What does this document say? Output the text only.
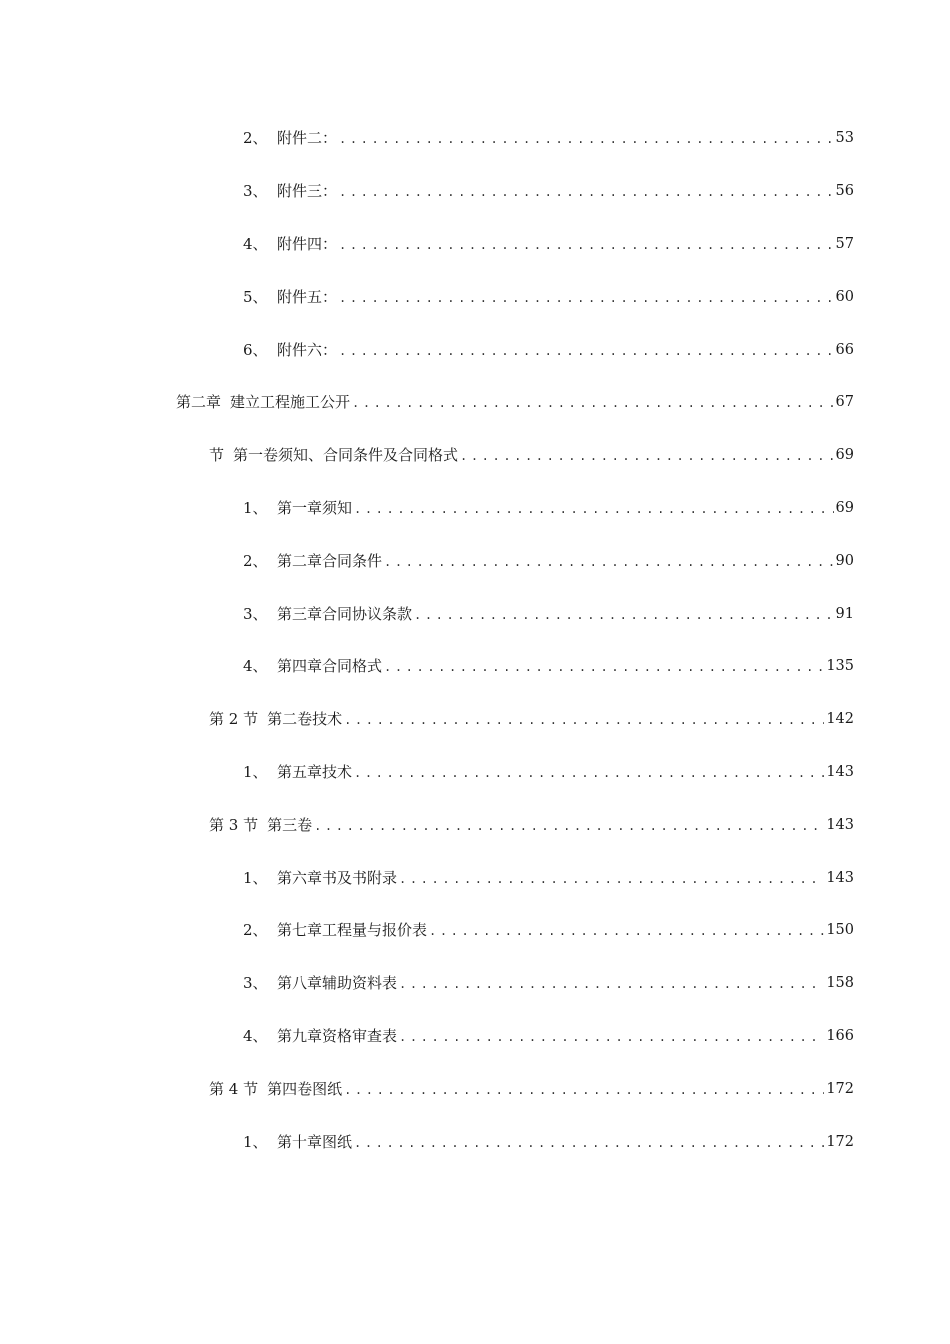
2、 附件二： .....	53
3、 附件三： .....	56
4、 附件四： .....	57
5、 附件五： .....	60
6、 附件六： .....	66
第二章 建立工程施工公开 .....	67
节 第一卷须知、合同条件及合同格式 .....	69
1、 第一章须知 .....	69
2、 第二章合同条件 .....	90
3、 第三章合同协议条款 .....	91
4、 第四章合同格式 .....	135
第 2 节 第二卷技术 .....	142
1、 第五章技术 .....	143
第 3 节 第三卷 .....	143
1、 第六章书及书附录 .....	143
2、 第七章工程量与报价表 .....	150
3、 第八章辅助资料表 .....	158
4、 第九章资格审查表 .....	166
第 4 节 第四卷图纸 .....	172
1、 第十章图纸 .....	172
